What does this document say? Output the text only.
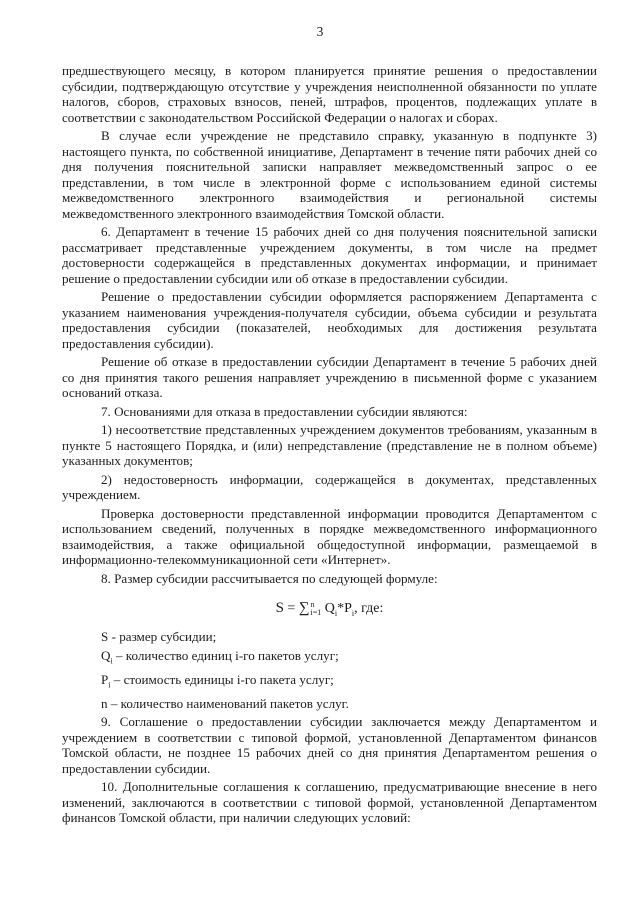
3

предшествующего месяцу, в котором планируется принятие решения о предоставлении субсидии, подтверждающую отсутствие у учреждения неисполненной обязанности по уплате налогов, сборов, страховых взносов, пеней, штрафов, процентов, подлежащих уплате в соответствии с законодательством Российской Федерации о налогах и сборах.

В случае если учреждение не представило справку, указанную в подпункте 3) настоящего пункта, по собственной инициативе, Департамент в течение пяти рабочих дней со дня получения пояснительной записки направляет межведомственный запрос о ее представлении, в том числе в электронной форме с использованием единой системы межведомственного электронного взаимодействия и региональной системы межведомственного электронного взаимодействия Томской области.

6. Департамент в течение 15 рабочих дней со дня получения пояснительной записки рассматривает представленные учреждением документы, в том числе на предмет достоверности содержащейся в представленных документах информации, и принимает решение о предоставлении субсидии или об отказе в предоставлении субсидии.

Решение о предоставлении субсидии оформляется распоряжением Департамента с указанием наименования учреждения-получателя субсидии, объема субсидии и результата предоставления субсидии (показателей, необходимых для достижения результата предоставления субсидии).

Решение об отказе в предоставлении субсидии Департамент в течение 5 рабочих дней со дня принятия такого решения направляет учреждению в письменной форме с указанием оснований отказа.

7. Основаниями для отказа в предоставлении субсидии являются:

1) несоответствие представленных учреждением документов требованиям, указанным в пункте 5 настоящего Порядка, и (или) непредставление (представление не в полном объеме) указанных документов;

2) недостоверность информации, содержащейся в документах, представленных учреждением.

Проверка достоверности представленной информации проводится Департаментом с использованием сведений, полученных в порядке межведомственного информационного взаимодействия, а также официальной общедоступной информации, размещаемой в информационно-телекоммуникационной сети «Интернет».

8. Размер субсидии рассчитывается по следующей формуле:

S = ∑n
i=1 $Q_i*P_i$, где:

S - размер субсидии;

$Q_i$ – количество единиц i-го пакетов услуг;

$P_i$ – стоимость единицы i-го пакета услуг;

n – количество наименований пакетов услуг.

9. Соглашение о предоставлении субсидии заключается между Департаментом и учреждением в соответствии с типовой формой, установленной Департаментом финансов Томской области, не позднее 15 рабочих дней со дня принятия Департаментом решения о предоставлении субсидии.

10. Дополнительные соглашения к соглашению, предусматривающие внесение в него изменений, заключаются в соответствии с типовой формой, установленной Департаментом финансов Томской области, при наличии следующих условий:
